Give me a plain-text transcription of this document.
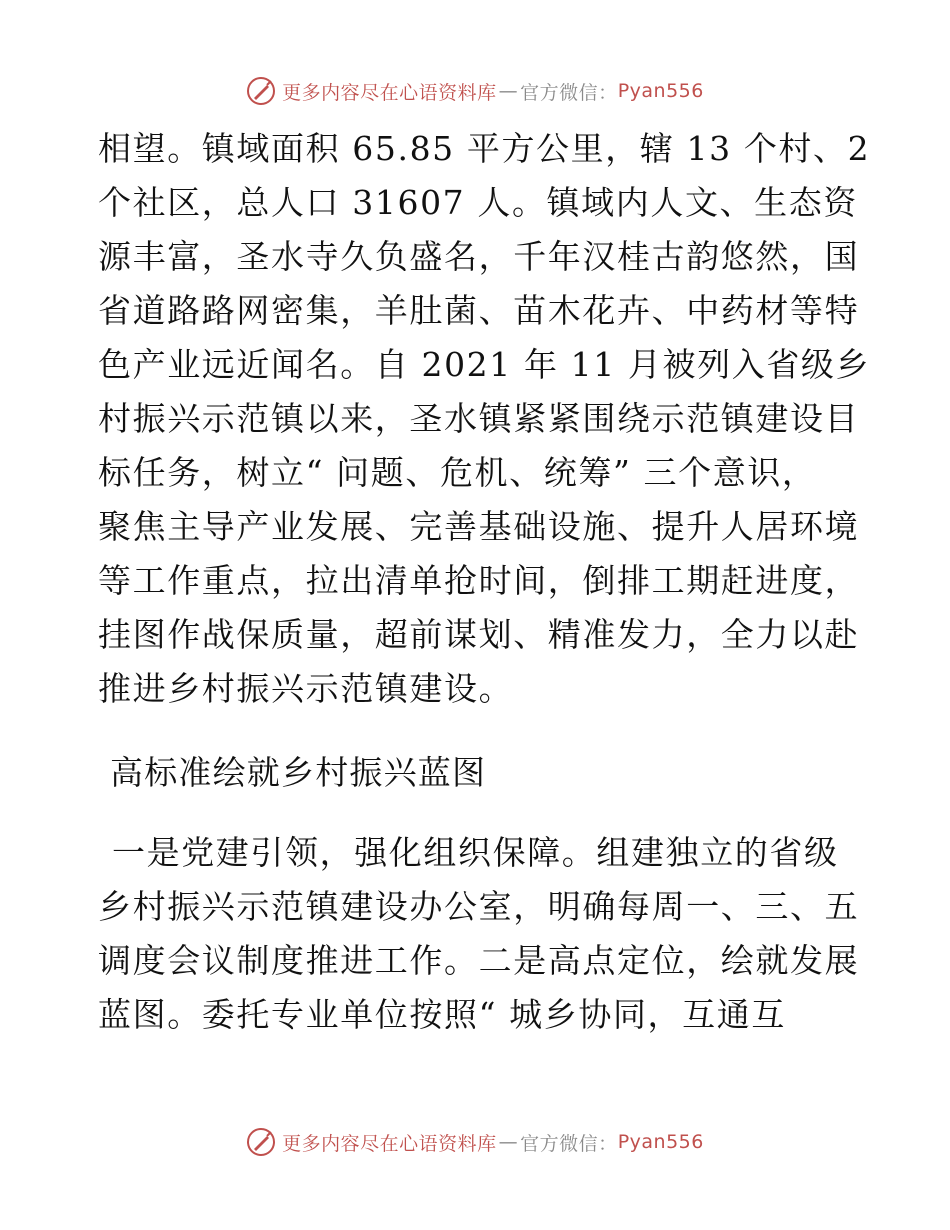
更多内容尽在心语资料库 — 官方微信： Pyan556
相望。镇域面积 65.85 平方公里，辖 13 个村、2
个社区，总人口 31607 人。镇域内人文、生态资
源丰富，圣水寺久负盛名，千年汉桂古韵悠然，国
省道路路网密集，羊肚菌、苗木花卉、中药材等特
色产业远近闻名。自 2021 年 11 月被列入省级乡
村振兴示范镇以来，圣水镇紧紧围绕示范镇建设目
标任务，树立“ 问题、危机、统筹” 三个意识，
聚焦主导产业发展、完善基础设施、提升人居环境
等工作重点，拉出清单抢时间，倒排工期赶进度，
挂图作战保质量，超前谋划、精准发力，全力以赴
推进乡村振兴示范镇建设。
高标准绘就乡村振兴蓝图
一是党建引领，强化组织保障。组建独立的省级
乡村振兴示范镇建设办公室，明确每周一、三、五
调度会议制度推进工作。二是高点定位，绘就发展
蓝图。委托专业单位按照“ 城乡协同，互通互
更多内容尽在心语资料库 — 官方微信： Pyan556
